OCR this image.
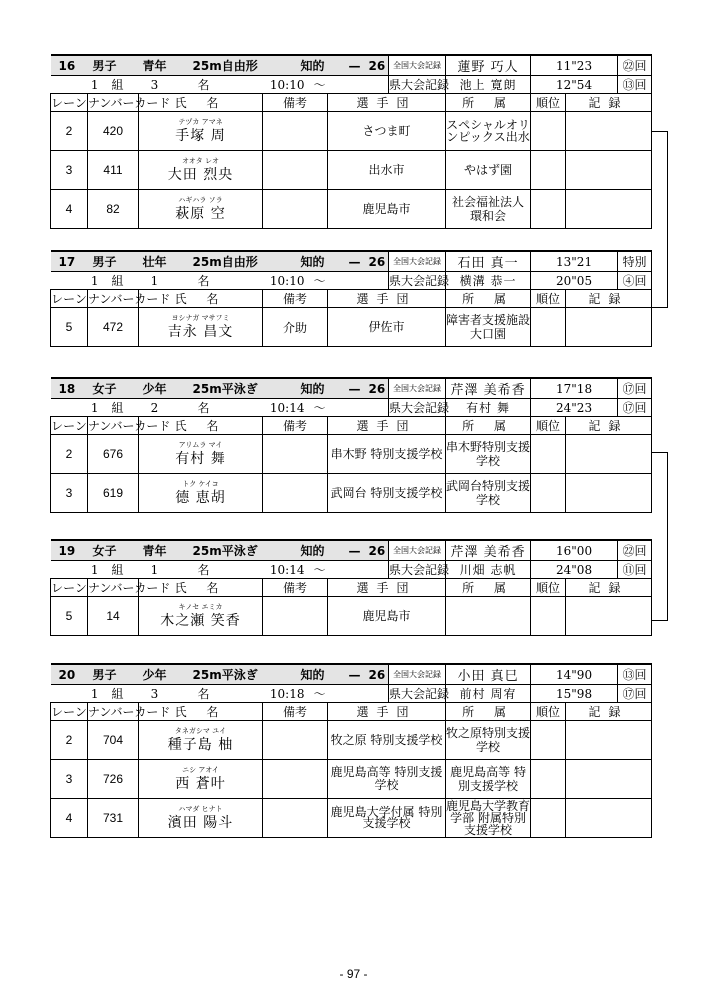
16 男子 青年 25m自由形 知的 — 26					全国大会記録	蓮野 巧人	11"23		㉒回
1 組 3 名 10:10 ～					県大会記録	池上 寛朗	12"54		⑬回
レーン	ナンバーカード	氏 名	備考	選手団		所 属	順位	記録	
2	420	テヅカ アマネ
手塚 周		さつま町		スペシャルオリンピックス出水			
3	411	オオタ レオ
大田 烈央		出水市		やはず園			
4	82	ハギハラ ソラ
萩原 空		鹿児島市		社会福祉法人 環和会			
17 男子 壮年 25m自由形 知的 — 26					全国大会記録	石田 真一	13"21		特別
1 組 1 名 10:10 ～					県大会記録	横溝 恭一	20"05		④回
レーン	ナンバーカード	氏 名	備考	選手団		所 属	順位	記録	
5	472	ヨシナガ マサフミ
吉永 昌文	介助	伊佐市		障害者支援施設 大口園			
18 女子 少年 25m平泳ぎ 知的 — 26					全国大会記録	芹澤 美希香	17"18		⑰回
1 組 2 名 10:14 ～					県大会記録	有村 舞	24"23		⑰回
レーン	ナンバーカード	氏 名	備考	選手団		所 属	順位	記録	
2	676	アリムラ マイ
有村 舞		串木野 特別支援学校		串木野特別支援学校			
3	619	トク ケイコ
德 恵胡		武岡台 特別支援学校		武岡台特別支援学校			
19 女子 青年 25m平泳ぎ 知的 — 26					全国大会記録	芹澤 美希香	16"00		㉒回
1 組 1 名 10:14 ～					県大会記録	川畑 志帆	24"08		⑪回
レーン	ナンバーカード	氏 名	備考	選手団		所 属	順位	記録	
5	14	キノセ エミカ
木之瀬 笑香		鹿児島市					
20 男子 少年 25m平泳ぎ 知的 — 26					全国大会記録	小田 真巳	14"90		⑬回
1 組 3 名 10:18 ～					県大会記録	前村 周宥	15"98		⑰回
レーン	ナンバーカード	氏 名	備考	選手団		所 属	順位	記録	
2	704	タネガシマ ユイ
種子島 柚		牧之原 特別支援学校		牧之原特別支援学校			
3	726	ニシ アオイ
西 蒼叶		鹿児島高等 特別支援学校		鹿児島高等 特別支援学校			
4	731	ハマダ ヒナト
濱田 陽斗		鹿児島大学付属 特別支援学校		鹿児島大学教育学部 附属特別支援学校			
- 97 -
